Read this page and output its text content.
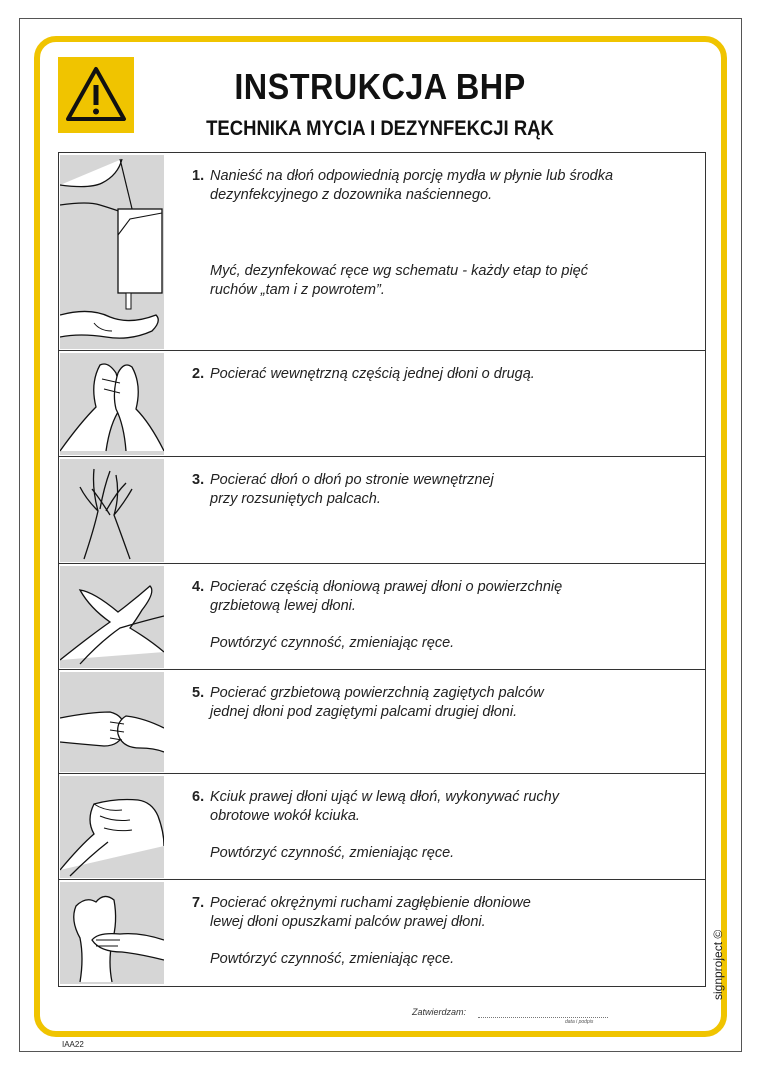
INSTRUKCJA BHP
TECHNIKA MYCIA I DEZYNFEKCJI RĄK
1. Nanieść na dłoń odpowiednią porcję mydła w płynie lub środka
dezynfekcyjnego z dozownika naściennego.
Myć, dezynfekować ręce wg schematu - każdy etap to pięć
ruchów „tam i z powrotem”.
2. Pocierać wewnętrzną częścią jednej dłoni o drugą.
3. Pocierać dłoń o dłoń po stronie wewnętrznej
przy rozsuniętych palcach.
4. Pocierać częścią dłoniową prawej dłoni o powierzchnię
grzbietową lewej dłoni.
Powtórzyć czynność, zmieniając ręce.
5. Pocierać grzbietową powierzchnią zagiętych palców
jednej dłoni pod zagiętymi palcami drugiej dłoni.
6. Kciuk prawej dłoni ująć w lewą dłoń, wykonywać ruchy
obrotowe wokół kciuka.
Powtórzyć czynność, zmieniając ręce.
7. Pocierać okrężnymi ruchami zagłębienie dłoniowe
lewej dłoni opuszkami palców prawej dłoni.
Powtórzyć czynność, zmieniając ręce.
Zatwierdzam:
data i podpis
IAA22
signproject ©
